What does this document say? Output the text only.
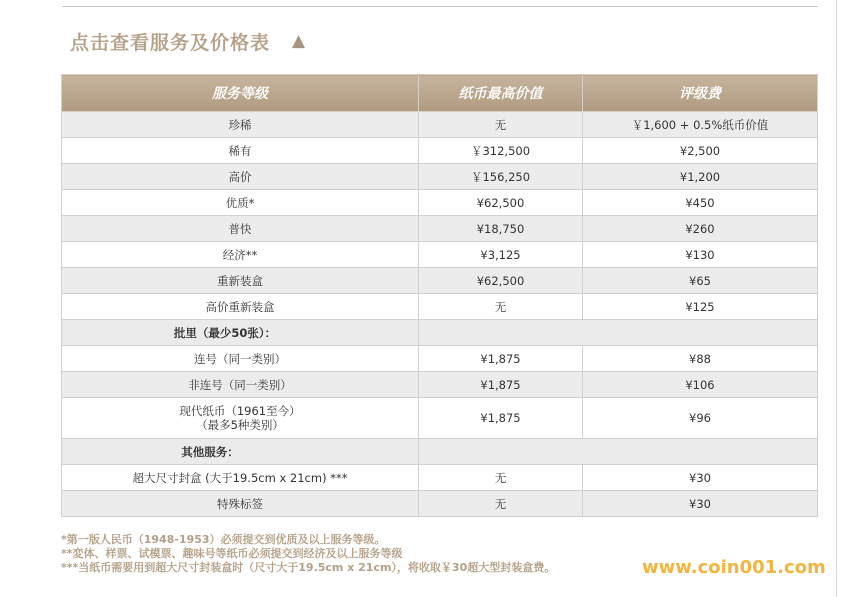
点击查看服务及价格表 ▲
服务等级	纸币最高价值	评级费
珍稀	无	￥1,600 + 0.5%纸币价值
稀有	￥312,500	¥2,500
高价	￥156,250	¥1,200
优质*	¥62,500	¥450
普快	¥18,750	¥260
经济**	¥3,125	¥130
重新装盒	¥62,500	¥65
高价重新装盒	无	¥125
批里（最少50张）：		
连号（同一类别）	¥1,875	¥88
非连号（同一类别）	¥1,875	¥106

现代纸币（1961至今）
（最多5种类别）	¥1,875	¥96
其他服务：		
超大尺寸封盒 (大于19.5cm x 21cm) ***	无	¥30
特殊标签	无	¥30
*第一版人民币（1948-1953）必须提交到优质及以上服务等级。
**変体、样票、试模票、趣味号等纸币必须提交到经济及以上服务等级
***当纸币需要用到超大尺寸封装盒时（尺寸大于19.5cm x 21cm），将收取￥30超大型封装盒费。	www.coin001.com
